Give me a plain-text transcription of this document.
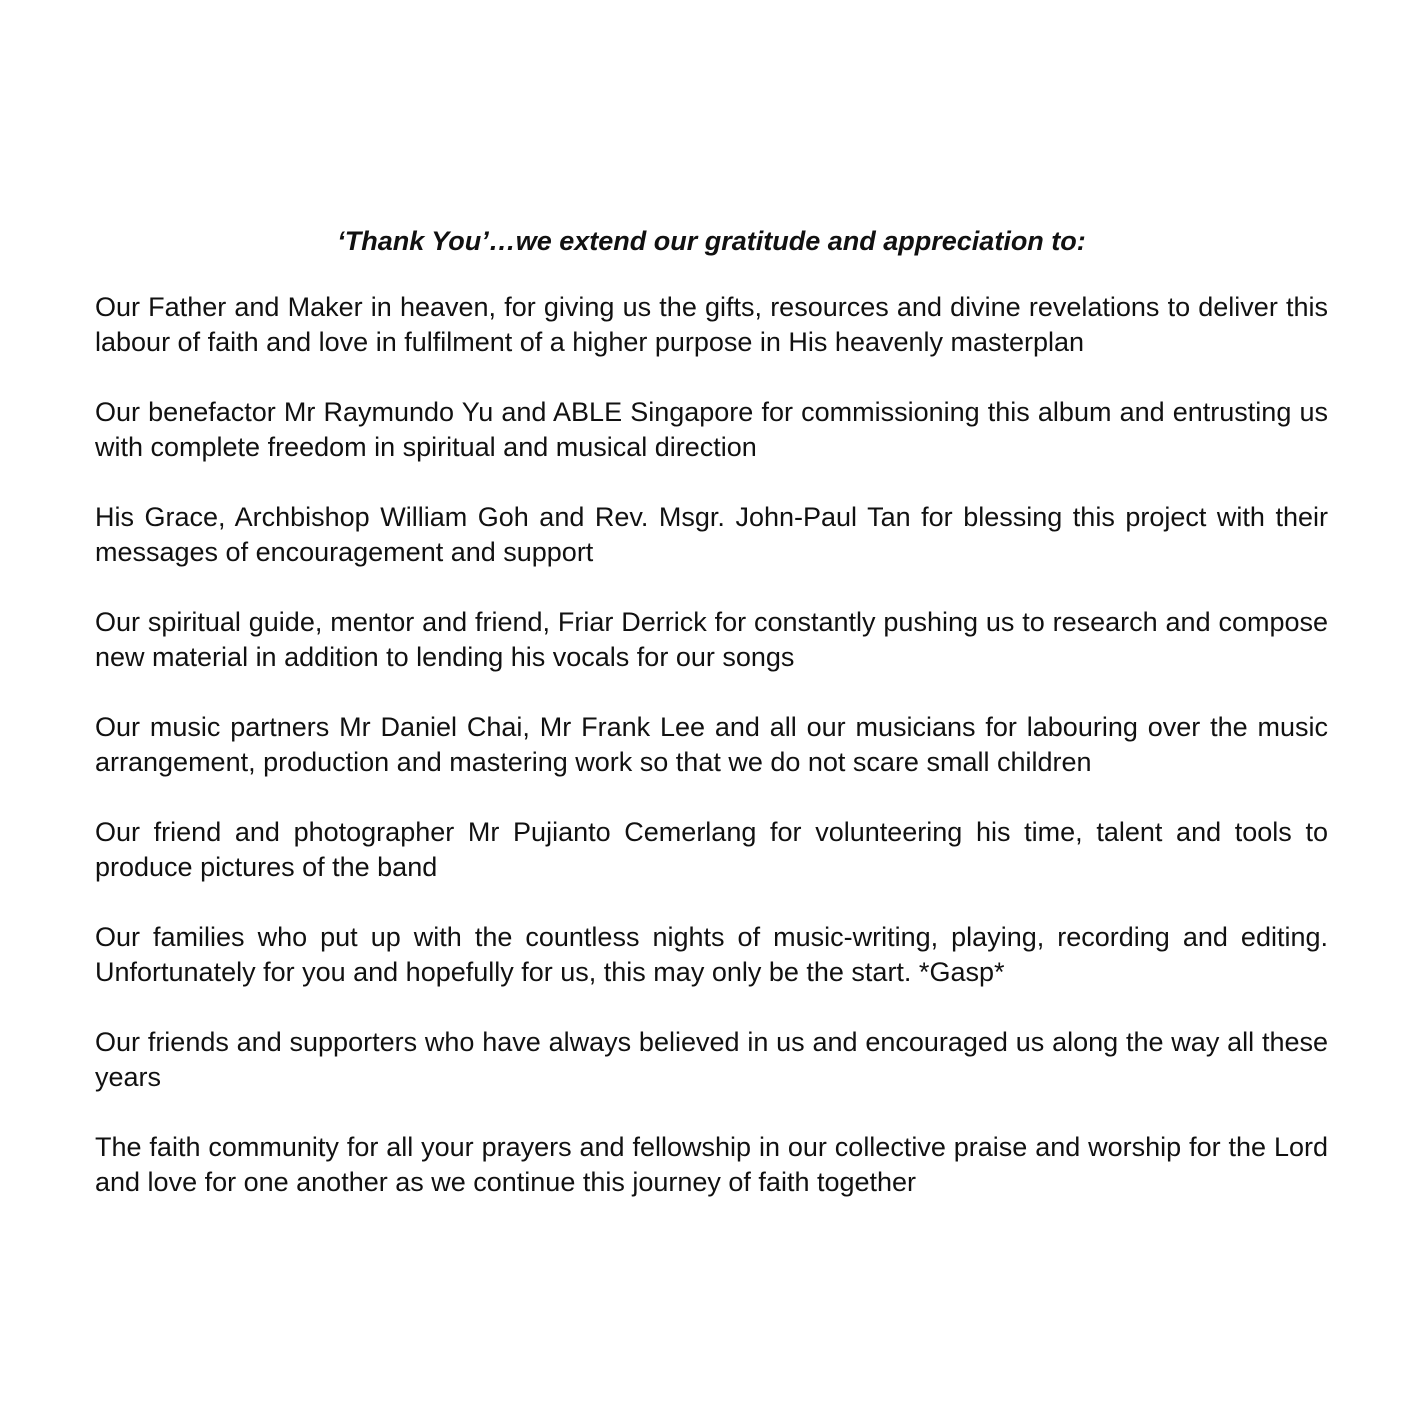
‘Thank You’…we extend our gratitude and appreciation to:

Our Father and Maker in heaven, for giving us the gifts, resources and divine revelations to deliver this labour of faith and love in fulfilment of a higher purpose in His heavenly masterplan

Our benefactor Mr Raymundo Yu and ABLE Singapore for commissioning this album and entrusting us with complete freedom in spiritual and musical direction

His Grace, Archbishop William Goh and Rev. Msgr. John-Paul Tan for blessing this project with their messages of encouragement and support

Our spiritual guide, mentor and friend, Friar Derrick for constantly pushing us to research and compose new material in addition to lending his vocals for our songs

Our music partners Mr Daniel Chai, Mr Frank Lee and all our musicians for labouring over the music arrangement, production and mastering work so that we do not scare small children

Our friend and photographer Mr Pujianto Cemerlang for volunteering his time, talent and tools to produce pictures of the band

Our families who put up with the countless nights of music-writing, playing, recording and editing. Unfortunately for you and hopefully for us, this may only be the start. *Gasp*

Our friends and supporters who have always believed in us and encouraged us along the way all these years

The faith community for all your prayers and fellowship in our collective praise and worship for the Lord and love for one another as we continue this journey of faith together
